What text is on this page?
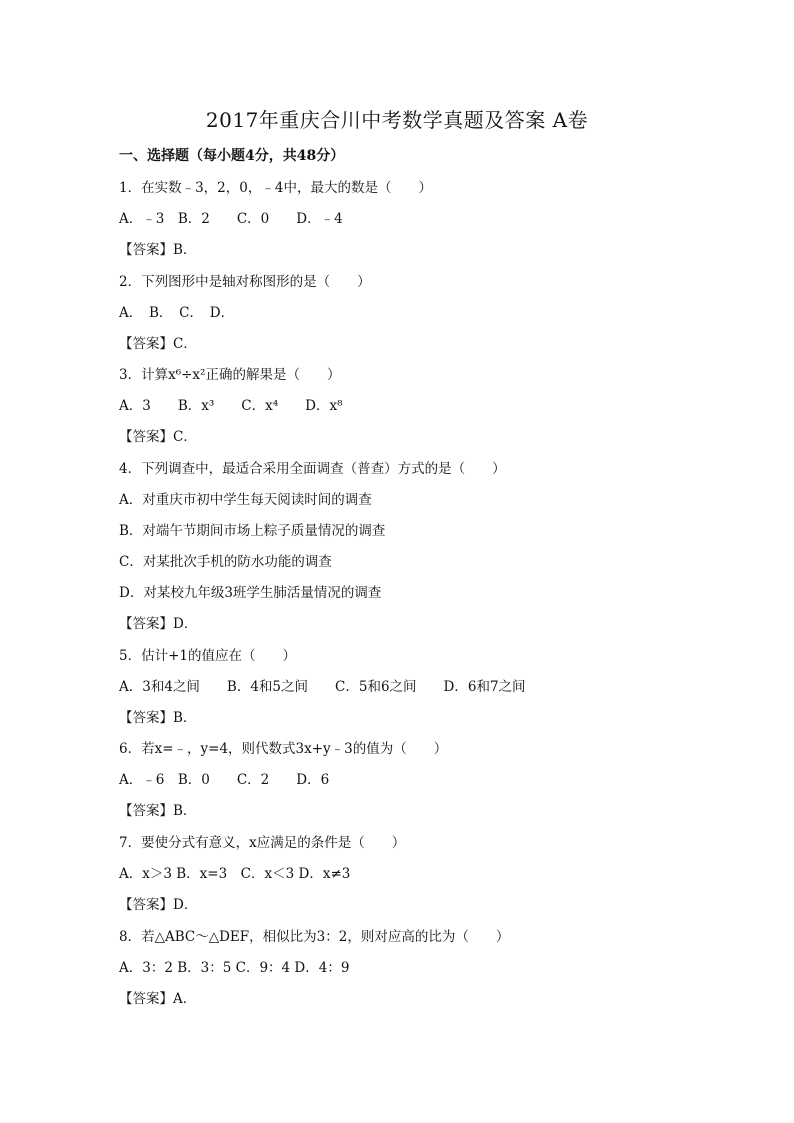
2017年重庆合川中考数学真题及答案 A卷
一、选择题（每小题4分，共48分）
1．在实数﹣3，2，0，﹣4中，最大的数是（　　）
A．﹣3　B．2　　C．0　　D．﹣4
【答案】B．
2．下列图形中是轴对称图形的是（　　）
A．　B．　C．　D．
【答案】C．
3．计算x⁶÷x²正确的解果是（　　）
A．3　　B．x³　　C．x⁴　　D．x⁸
【答案】C．
4．下列调查中，最适合采用全面调查（普查）方式的是（　　）
A．对重庆市初中学生每天阅读时间的调查
B．对端午节期间市场上粽子质量情况的调查
C．对某批次手机的防水功能的调查
D．对某校九年级3班学生肺活量情况的调查
【答案】D．
5．估计+1的值应在（　　）
A．3和4之间　　B．4和5之间　　C．5和6之间　　D．6和7之间
【答案】B．
6．若x=﹣，y=4，则代数式3x+y﹣3的值为（　　）
A．﹣6　B．0　　C．2　　D．6
【答案】B．
7．要使分式有意义，x应满足的条件是（　　）
A．x＞3 B．x=3　C．x＜3 D．x≠3
【答案】D．
8．若△ABC～△DEF，相似比为3：2，则对应高的比为（　　）
A．3：2 B．3：5 C．9：4 D．4：9
【答案】A．
